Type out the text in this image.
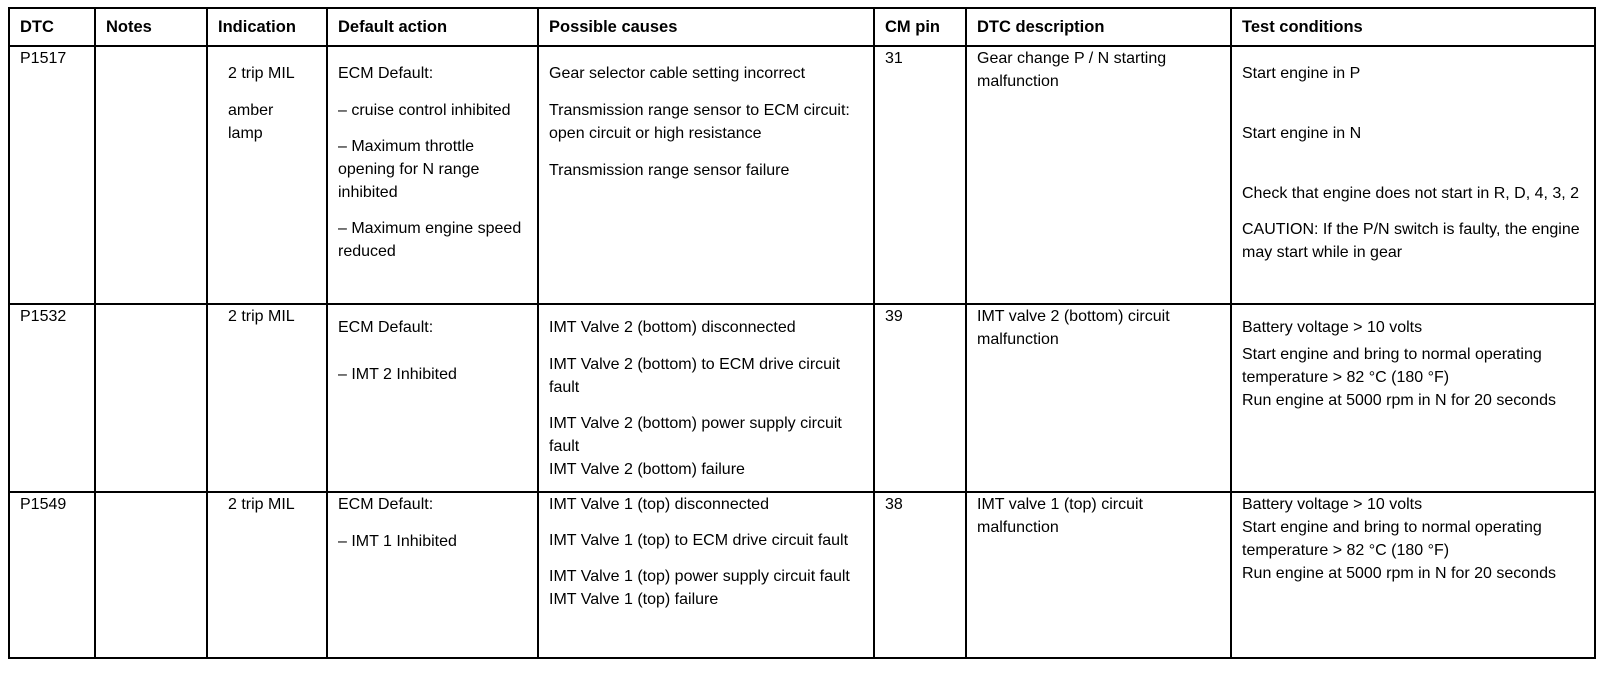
DTC	Notes	Indication	Default action	Possible causes	CM pin	DTC description	Test conditions
P1517		2 trip MIL
amber lamp	ECM Default:
– cruise control inhibited
– Maximum throttle opening for N range inhibited
– Maximum engine speed reduced	Gear selector cable setting incorrect
Transmission range sensor to ECM circuit: open circuit or high resistance
Transmission range sensor failure	31	Gear change P / N starting malfunction	Start engine in P
Start engine in N
Check that engine does not start in R, D, 4, 3, 2
CAUTION: If the P/N switch is faulty, the engine may start while in gear

P1532		2 trip MIL	ECM Default:
– IMT 2 Inhibited	IMT Valve 2 (bottom) disconnected
IMT Valve 2 (bottom) to ECM drive circuit fault
IMT Valve 2 (bottom) power supply circuit fault
IMT Valve 2 (bottom) failure	39	IMT valve 2 (bottom) circuit malfunction	Battery voltage > 10 volts
Start engine and bring to normal operating temperature > 82 °C (180 °F)
Run engine at 5000 rpm in N for 20 seconds

P1549		2 trip MIL	ECM Default:
– IMT 1 Inhibited	IMT Valve 1 (top) disconnected
IMT Valve 1 (top) to ECM drive circuit fault
IMT Valve 1 (top) power supply circuit fault
IMT Valve 1 (top) failure	38	IMT valve 1 (top) circuit malfunction	Battery voltage > 10 volts
Start engine and bring to normal operating temperature > 82 °C (180 °F)
Run engine at 5000 rpm in N for 20 seconds
